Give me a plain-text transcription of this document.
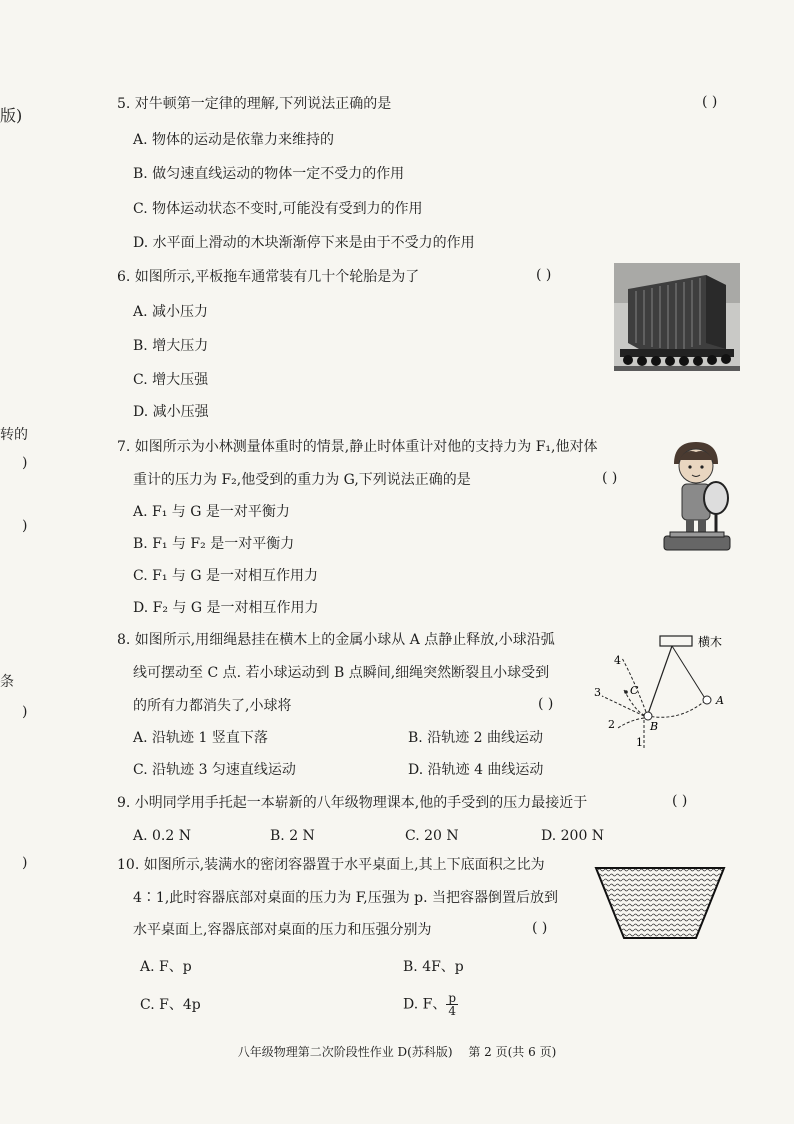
版)
转的
)
)
条
)
)
5. 对牛顿第一定律的理解,下列说法正确的是	( )
A. 物体的运动是依靠力来维持的
B. 做匀速直线运动的物体一定不受力的作用
C. 物体运动状态不变时,可能没有受到力的作用
D. 水平面上滑动的木块渐渐停下来是由于不受力的作用
6. 如图所示,平板拖车通常装有几十个轮胎是为了	( )
A. 减小压力
B. 增大压力
C. 增大压强
D. 减小压强
7. 如图所示为小林测量体重时的情景,静止时体重计对他的支持力为 F₁,他对体
重计的压力为 F₂,他受到的重力为 G,下列说法正确的是	( )
A. F₁ 与 G 是一对平衡力
B. F₁ 与 F₂ 是一对平衡力
C. F₁ 与 G 是一对相互作用力
D. F₂ 与 G 是一对相互作用力
8. 如图所示,用细绳悬挂在横木上的金属小球从 A 点静止释放,小球沿弧
线可摆动至 C 点. 若小球运动到 B 点瞬间,细绳突然断裂且小球受到
的所有力都消失了,小球将	( )
A. 沿轨迹 1 竖直下落	B. 沿轨迹 2 曲线运动
C. 沿轨迹 3 匀速直线运动	D. 沿轨迹 4 曲线运动
横木
A
B
C
1
2
3
4
9. 小明同学用手托起一本崭新的八年级物理课本,他的手受到的压力最接近于	( )
A. 0.2 N	B. 2 N	C. 20 N	D. 200 N
10. 如图所示,装满水的密闭容器置于水平桌面上,其上下底面积之比为
4∶1,此时容器底部对桌面的压力为 F,压强为 p. 当把容器倒置后放到
水平桌面上,容器底部对桌面的压力和压强分别为	( )
A. F、p	B. 4F、p
C. F、4p	D. F、 $\frac{p}{4}$
八年级物理第二次阶段性作业 D(苏科版) 第 2 页(共 6 页)
